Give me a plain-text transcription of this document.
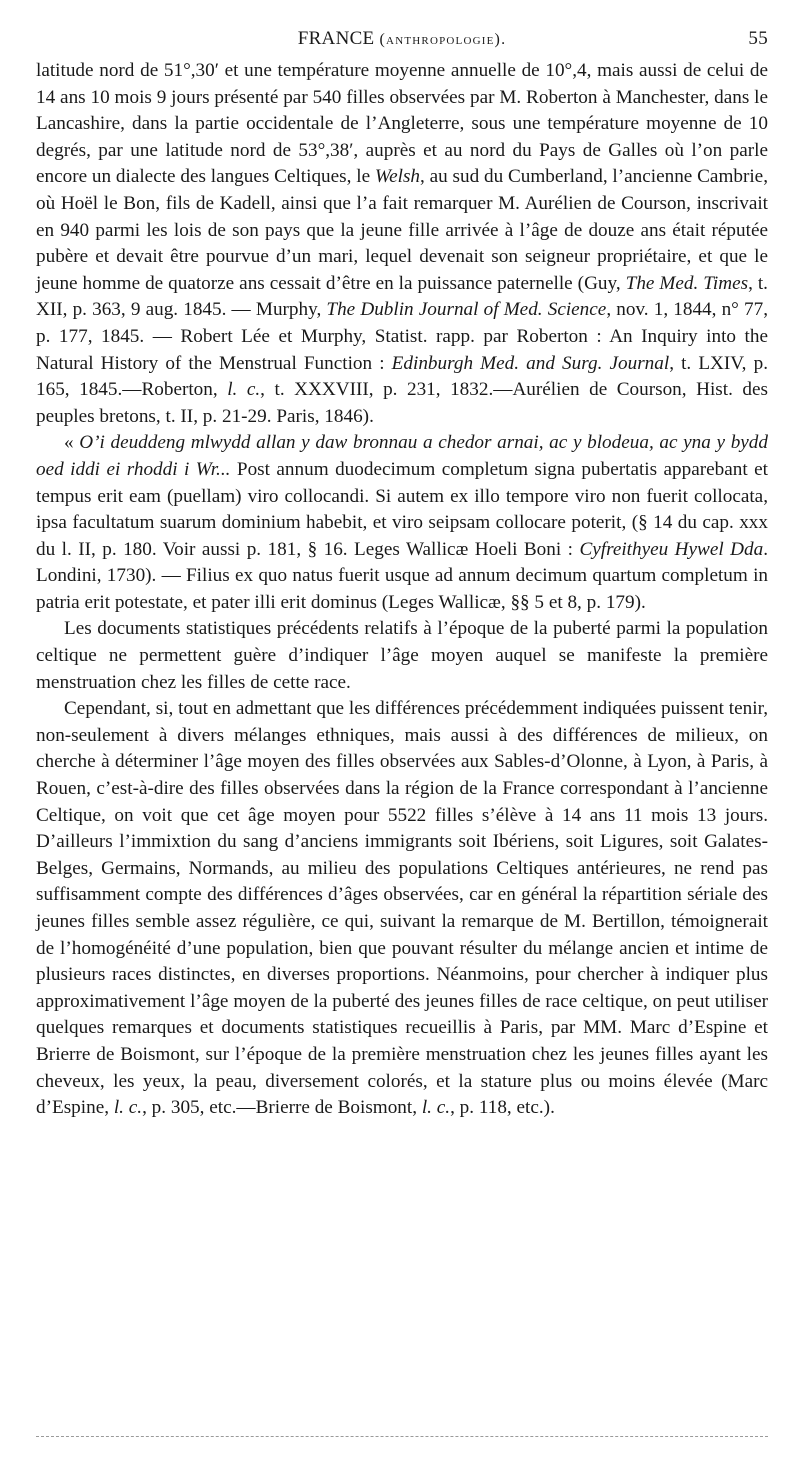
FRANCE (anthropologie).	55

latitude nord de 51°,30′ et une température moyenne annuelle de 10°,4, mais aussi de celui de 14 ans 10 mois 9 jours présenté par 540 filles observées par M. Roberton à Manchester, dans le Lancashire, dans la partie occidentale de l’Angleterre, sous une température moyenne de 10 degrés, par une latitude nord de 53°,38′, auprès et au nord du Pays de Galles où l’on parle encore un dialecte des langues Celtiques, le Welsh, au sud du Cumberland, l’ancienne Cambrie, où Hoël le Bon, fils de Kadell, ainsi que l’a fait remarquer M. Aurélien de Courson, inscrivait en 940 parmi les lois de son pays que la jeune fille arrivée à l’âge de douze ans était réputée pubère et devait être pourvue d’un mari, lequel devenait son seigneur propriétaire, et que le jeune homme de quatorze ans cessait d’être en la puissance paternelle (Guy, The Med. Times, t. XII, p. 363, 9 aug. 1845. — Murphy, The Dublin Journal of Med. Science, nov. 1, 1844, n° 77, p. 177, 1845. — Robert Lée et Murphy, Statist. rapp. par Roberton : An Inquiry into the Natural History of the Menstrual Function : Edinburgh Med. and Surg. Journal, t. LXIV, p. 165, 1845.—Roberton, l. c., t. XXXVIII, p. 231, 1832.—Aurélien de Courson, Hist. des peuples bretons, t. II, p. 21-29. Paris, 1846).

« O’i deuddeng mlwydd allan y daw bronnau a chedor arnai, ac y blodeua, ac yna y bydd oed iddi ei rhoddi i Wr... Post annum duodecimum completum signa pubertatis apparebant et tempus erit eam (puellam) viro collocandi. Si autem ex illo tempore viro non fuerit collocata, ipsa facultatum suarum dominium habebit, et viro seipsam collocare poterit, (§ 14 du cap. xxx du l. II, p. 180. Voir aussi p. 181, § 16. Leges Wallicæ Hoeli Boni : Cyfreithyeu Hywel Dda. Londini, 1730). — Filius ex quo natus fuerit usque ad annum decimum quartum completum in patria erit potestate, et pater illi erit dominus (Leges Wallicæ, §§ 5 et 8, p. 179).

Les documents statistiques précédents relatifs à l’époque de la puberté parmi la population celtique ne permettent guère d’indiquer l’âge moyen auquel se manifeste la première menstruation chez les filles de cette race.

Cependant, si, tout en admettant que les différences précédemment indiquées puissent tenir, non-seulement à divers mélanges ethniques, mais aussi à des différences de milieux, on cherche à déterminer l’âge moyen des filles observées aux Sables-d’Olonne, à Lyon, à Paris, à Rouen, c’est-à-dire des filles observées dans la région de la France correspondant à l’ancienne Celtique, on voit que cet âge moyen pour 5522 filles s’élève à 14 ans 11 mois 13 jours. D’ailleurs l’immixtion du sang d’anciens immigrants soit Ibériens, soit Ligures, soit Galates-Belges, Germains, Normands, au milieu des populations Celtiques antérieures, ne rend pas suffisamment compte des différences d’âges observées, car en général la répartition sériale des jeunes filles semble assez régulière, ce qui, suivant la remarque de M. Bertillon, témoignerait de l’homogénéité d’une population, bien que pouvant résulter du mélange ancien et intime de plusieurs races distinctes, en diverses proportions. Néanmoins, pour chercher à indiquer plus approximativement l’âge moyen de la puberté des jeunes filles de race celtique, on peut utiliser quelques remarques et documents statistiques recueillis à Paris, par MM. Marc d’Espine et Brierre de Boismont, sur l’époque de la première menstruation chez les jeunes filles ayant les cheveux, les yeux, la peau, diversement colorés, et la stature plus ou moins élevée (Marc d’Espine, l. c., p. 305, etc.—Brierre de Boismont, l. c., p. 118, etc.).
